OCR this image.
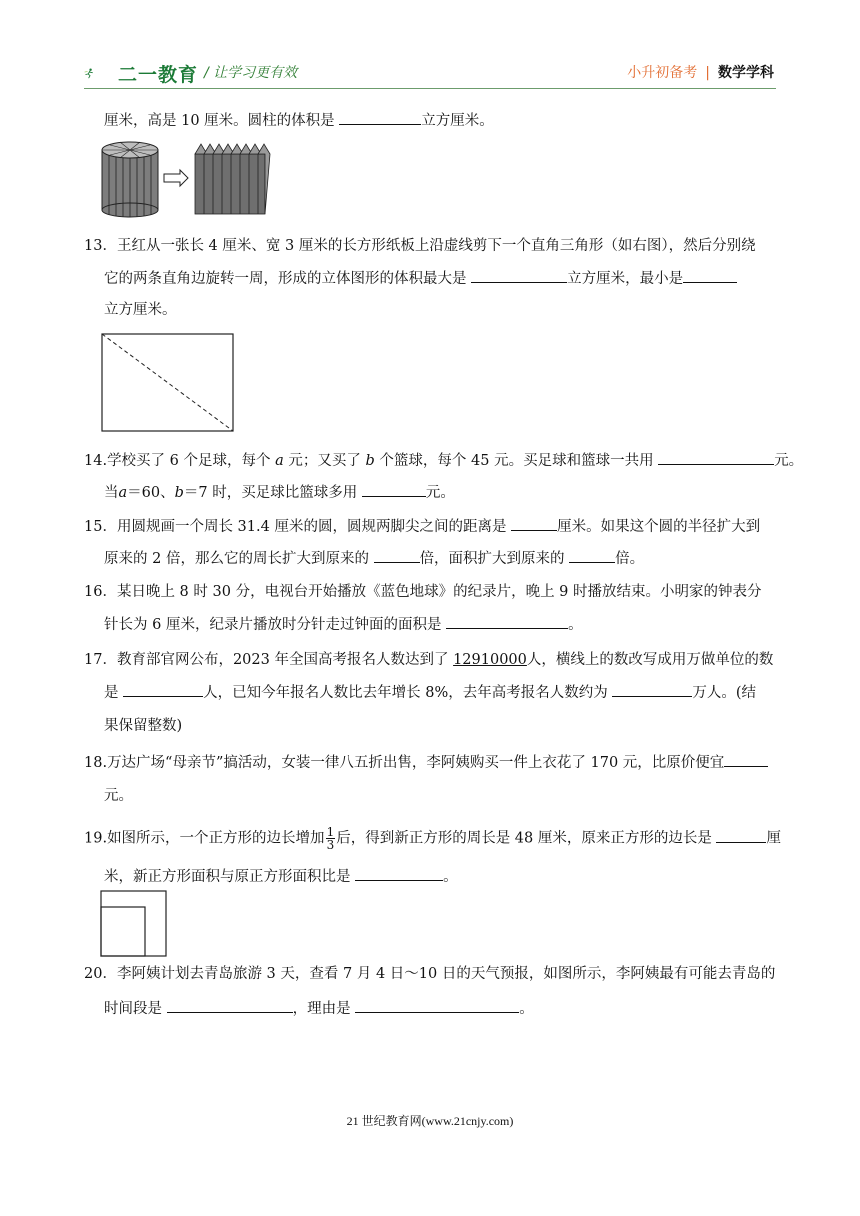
二一教育 / 让学习更有效	小升初备考 | 数学学科
厘米，高是 10 厘米。圆柱的体积是	立方厘米。
13．王红从一张长 4 厘米、宽 3 厘米的长方形纸板上沿虚线剪下一个直角三角形（如右图），然后分别绕
它的两条直角边旋转一周，形成的立体图形的体积最大是	立方厘米，最小是
立方厘米。
14.学校买了 6 个足球，每个 a 元；又买了 b 个篮球，每个 45 元。买足球和篮球一共用	元。
当a＝60、b＝7 时，买足球比篮球多用	元。
15．用圆规画一个周长 31.4 厘米的圆，圆规两脚尖之间的距离是	厘米。如果这个圆的半径扩大到
原来的 2 倍，那么它的周长扩大到原来的	倍，面积扩大到原来的	倍。
16．某日晚上 8 时 30 分，电视台开始播放《蓝色地球》的纪录片，晚上 9 时播放结束。小明家的钟表分
针长为 6 厘米，纪录片播放时分针走过钟面的面积是	。
17．教育部官网公布，2023 年全国高考报名人数达到了 12910000人，横线上的数改写成用万做单位的数
是	人，已知今年报名人数比去年增长 8%，去年高考报名人数约为	万人。(结
果保留整数)
18.万达广场“母亲节”搞活动，女装一律八五折出售，李阿姨购买一件上衣花了 170 元，比原价便宜
元。
19.如图所示，一个正方形的边长增加 $\frac{1}{3}$ 后，得到新正方形的周长是 48 厘米，原来正方形的边长是	厘
米，新正方形面积与原正方形面积比是	。
20．李阿姨计划去青岛旅游 3 天，查看 7 月 4 日～10 日的天气预报，如图所示，李阿姨最有可能去青岛的
时间段是	，理由是	。
21 世纪教育网(www.21cnjy.com)
